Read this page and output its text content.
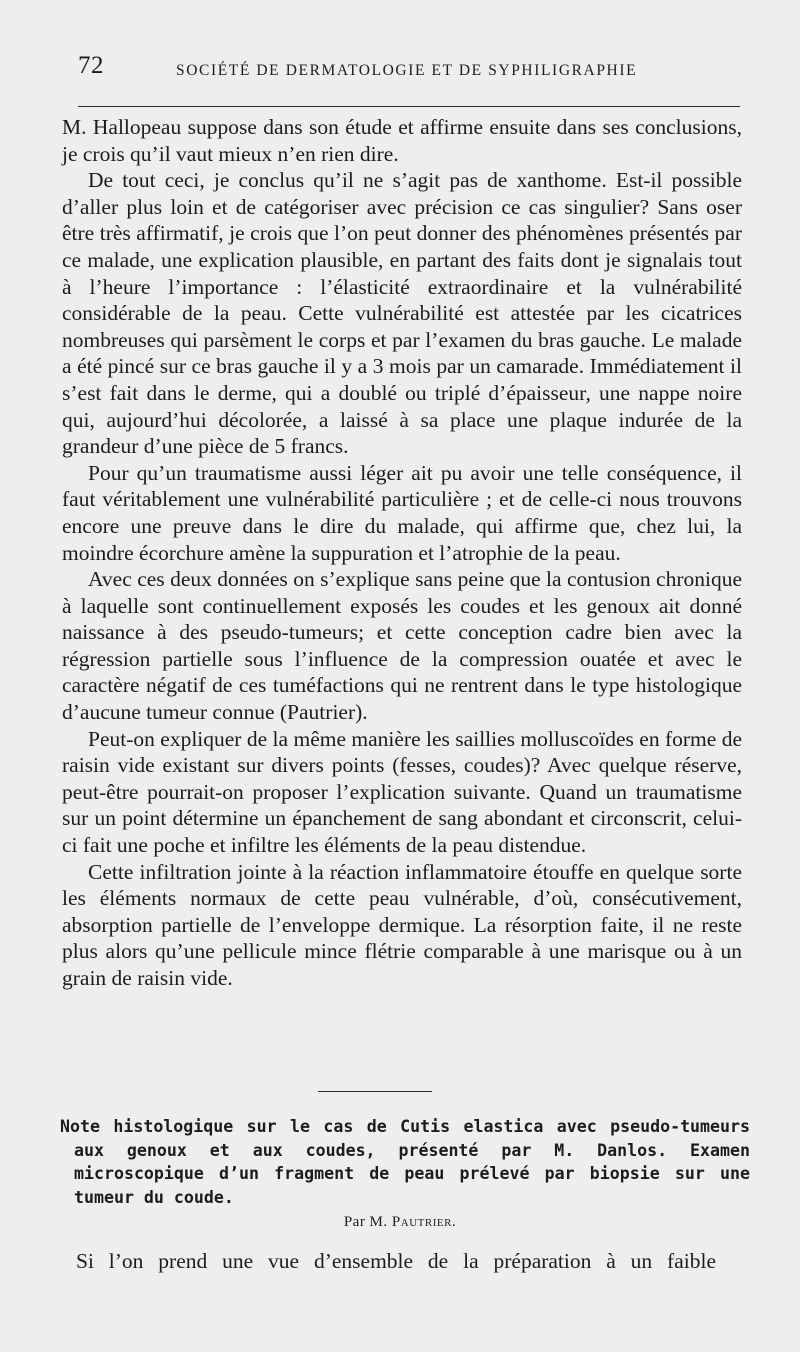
72	SOCIÉTÉ DE DERMATOLOGIE ET DE SYPHILIGRAPHIE

M. Hallopeau suppose dans son étude et affirme ensuite dans ses conclusions, je crois qu’il vaut mieux n’en rien dire.

De tout ceci, je conclus qu’il ne s’agit pas de xanthome. Est-il possible d’aller plus loin et de catégoriser avec précision ce cas singulier? Sans oser être très affirmatif, je crois que l’on peut donner des phénomènes présentés par ce malade, une explication plausible, en partant des faits dont je signalais tout à l’heure l’importance : l’élasticité extraordinaire et la vulnérabilité considérable de la peau. Cette vulnérabilité est attestée par les cicatrices nombreuses qui parsèment le corps et par l’examen du bras gauche. Le malade a été pincé sur ce bras gauche il y a 3 mois par un camarade. Immédiatement il s’est fait dans le derme, qui a doublé ou triplé d’épaisseur, une nappe noire qui, aujourd’hui décolorée, a laissé à sa place une plaque indurée de la grandeur d’une pièce de 5 francs.

Pour qu’un traumatisme aussi léger ait pu avoir une telle conséquence, il faut véritablement une vulnérabilité particulière ; et de celle-ci nous trouvons encore une preuve dans le dire du malade, qui affirme que, chez lui, la moindre écorchure amène la suppuration et l’atrophie de la peau.

Avec ces deux données on s’explique sans peine que la contusion chronique à laquelle sont continuellement exposés les coudes et les genoux ait donné naissance à des pseudo-tumeurs; et cette conception cadre bien avec la régression partielle sous l’influence de la compression ouatée et avec le caractère négatif de ces tuméfactions qui ne rentrent dans le type histologique d’aucune tumeur connue (Pautrier).

Peut-on expliquer de la même manière les saillies molluscoïdes en forme de raisin vide existant sur divers points (fesses, coudes)? Avec quelque réserve, peut-être pourrait-on proposer l’explication suivante. Quand un traumatisme sur un point détermine un épanchement de sang abondant et circonscrit, celui-ci fait une poche et infiltre les éléments de la peau distendue.

Cette infiltration jointe à la réaction inflammatoire étouffe en quelque sorte les éléments normaux de cette peau vulnérable, d’où, consécutivement, absorption partielle de l’enveloppe dermique. La résorption faite, il ne reste plus alors qu’une pellicule mince flétrie comparable à une marisque ou à un grain de raisin vide.

Note histologique sur le cas de Cutis elastica avec pseudo-tumeurs aux genoux et aux coudes, présenté par M. Danlos. Examen microscopique d’un fragment de peau prélevé par biopsie sur une tumeur du coude.
Par M. Pautrier.
Si l’on prend une vue d’ensemble de la préparation à un faible
